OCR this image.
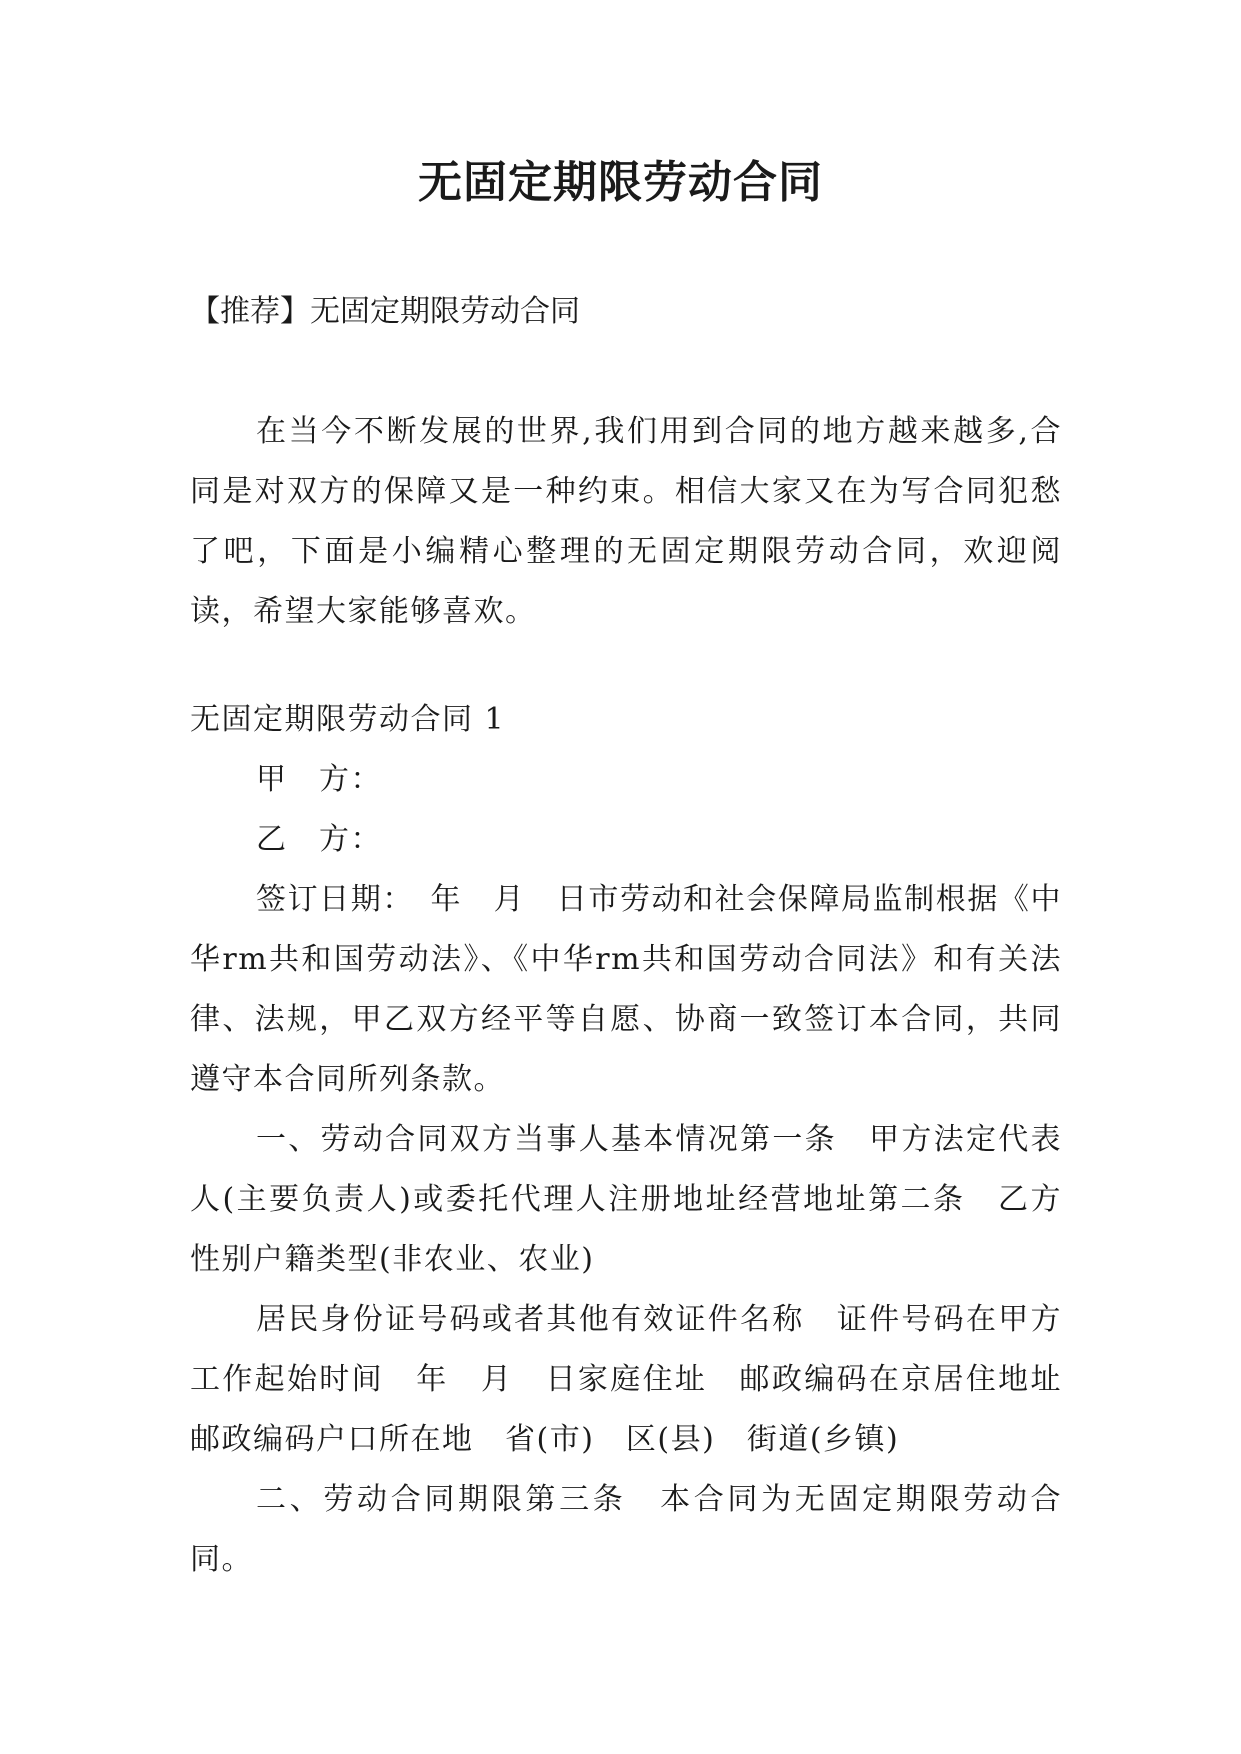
无固定期限劳动合同
【推荐】无固定期限劳动合同

在当今不断发展的世界,我们用到合同的地方越来越多,合同是对双方的保障又是一种约束。相信大家又在为写合同犯愁了吧，下面是小编精心整理的无固定期限劳动合同，欢迎阅读，希望大家能够喜欢。

无固定期限劳动合同 1

甲　方：

乙　方：

签订日期：　年　月　日市劳动和社会保障局监制根据《中华rm共和国劳动法》、《中华rm共和国劳动合同法》和有关法律、法规，甲乙双方经平等自愿、协商一致签订本合同，共同遵守本合同所列条款。

一、劳动合同双方当事人基本情况第一条　甲方法定代表人(主要负责人)或委托代理人注册地址经营地址第二条　乙方　性别户籍类型(非农业、农业)

居民身份证号码或者其他有效证件名称　证件号码在甲方工作起始时间　年　月　日家庭住址　邮政编码在京居住地址　邮政编码户口所在地　省(市)　区(县)　街道(乡镇)

二、劳动合同期限第三条　本合同为无固定期限劳动合同。
